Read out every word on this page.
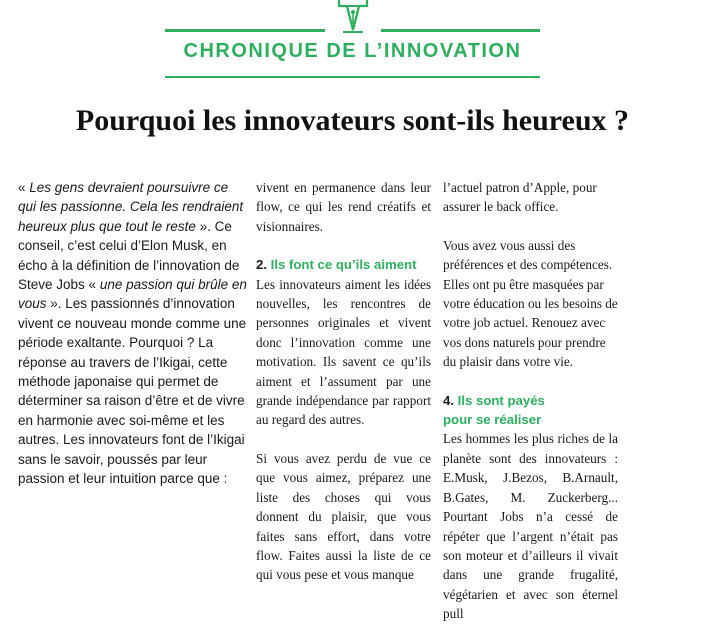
CHRONIQUE DE L’INNOVATION
Pourquoi les innovateurs sont-ils heureux ?
« Les gens devraient poursuivre ce qui les passionne. Cela les rendraient heureux plus que tout le reste ». Ce conseil, c’est celui d’Elon Musk, en écho à la définition de l’innovation de Steve Jobs « une passion qui brûle en vous ». Les passionnés d’innovation vivent ce nouveau monde comme une période exaltante. Pourquoi ? La réponse au travers de l’Ikigai, cette méthode japonaise qui permet de déterminer sa raison d’être et de vivre en harmonie avec soi-même et les autres. Les innovateurs font de l’Ikigai sans le savoir, poussés par leur passion et leur intuition parce que :

vivent en permanence dans leur flow, ce qui les rend créatifs et visionnaires.

2. Ils font ce qu’ils aiment

Les innovateurs aiment les idées nouvelles, les rencontres de personnes originales et vivent donc l’innovation comme une motivation. Ils savent ce qu’ils aiment et l’assument par une grande indépendance par rapport au regard des autres.

Si vous avez perdu de vue ce que vous aimez, préparez une liste des choses qui vous donnent du plaisir, que vous faites sans effort, dans votre flow. Faites aussi la liste de ce qui vous pese et vous manque

l’actuel patron d’Apple, pour assurer le back office.

Vous avez vous aussi des préférences et des compétences. Elles ont pu être masquées par votre éducation ou les besoins de votre job actuel. Renouez avec vos dons naturels pour prendre du plaisir dans votre vie.

4. Ils sont payés pour se réaliser

Les hommes les plus riches de la planète sont des innovateurs : E.Musk, J.Bezos, B.Arnault, B.Gates, M. Zuckerberg... Pourtant Jobs n’a cessé de répéter que l’argent n’était pas son moteur et d’ailleurs il vivait dans une grande frugalité, végétarien et avec son éternel pull
